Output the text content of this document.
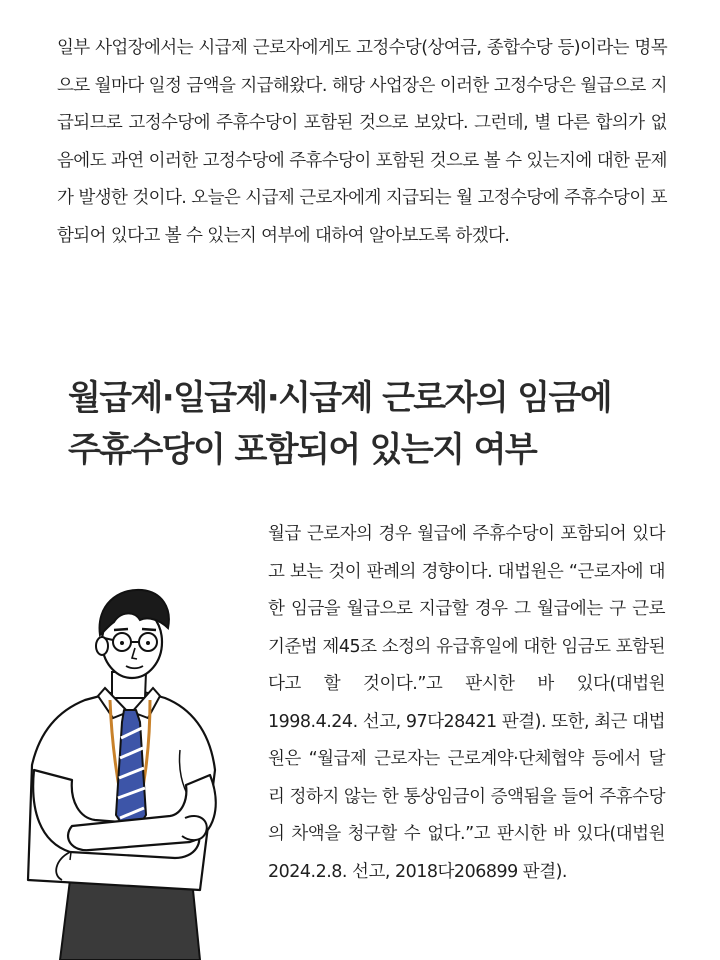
일부 사업장에서는 시급제 근로자에게도 고정수당(상여금, 종합수당 등)이라는 명목으로 월마다 일정 금액을 지급해왔다. 해당 사업장은 이러한 고정수당은 월급으로 지급되므로 고정수당에 주휴수당이 포함된 것으로 보았다. 그런데, 별 다른 합의가 없음에도 과연 이러한 고정수당에 주휴수당이 포함된 것으로 볼 수 있는지에 대한 문제가 발생한 것이다. 오늘은 시급제 근로자에게 지급되는 월 고정수당에 주휴수당이 포함되어 있다고 볼 수 있는지 여부에 대하여 알아보도록 하겠다.

월급제·일급제·시급제 근로자의 임금에
주휴수당이 포함되어 있는지 여부

월급 근로자의 경우 월급에 주휴수당이 포함되어 있다고 보는 것이 판례의 경향이다. 대법원은 “근로자에 대한 임금을 월급으로 지급할 경우 그 월급에는 구 근로기준법 제45조 소정의 유급휴일에 대한 임금도 포함된다고 할 것이다.”고 판시한 바 있다(대법원 1998.4.24. 선고, 97다28421 판결). 또한, 최근 대법원은 “월급제 근로자는 근로계약·단체협약 등에서 달리 정하지 않는 한 통상임금이 증액됨을 들어 주휴수당의 차액을 청구할 수 없다.”고 판시한 바 있다(대법원 2024.2.8. 선고, 2018다206899 판결).
